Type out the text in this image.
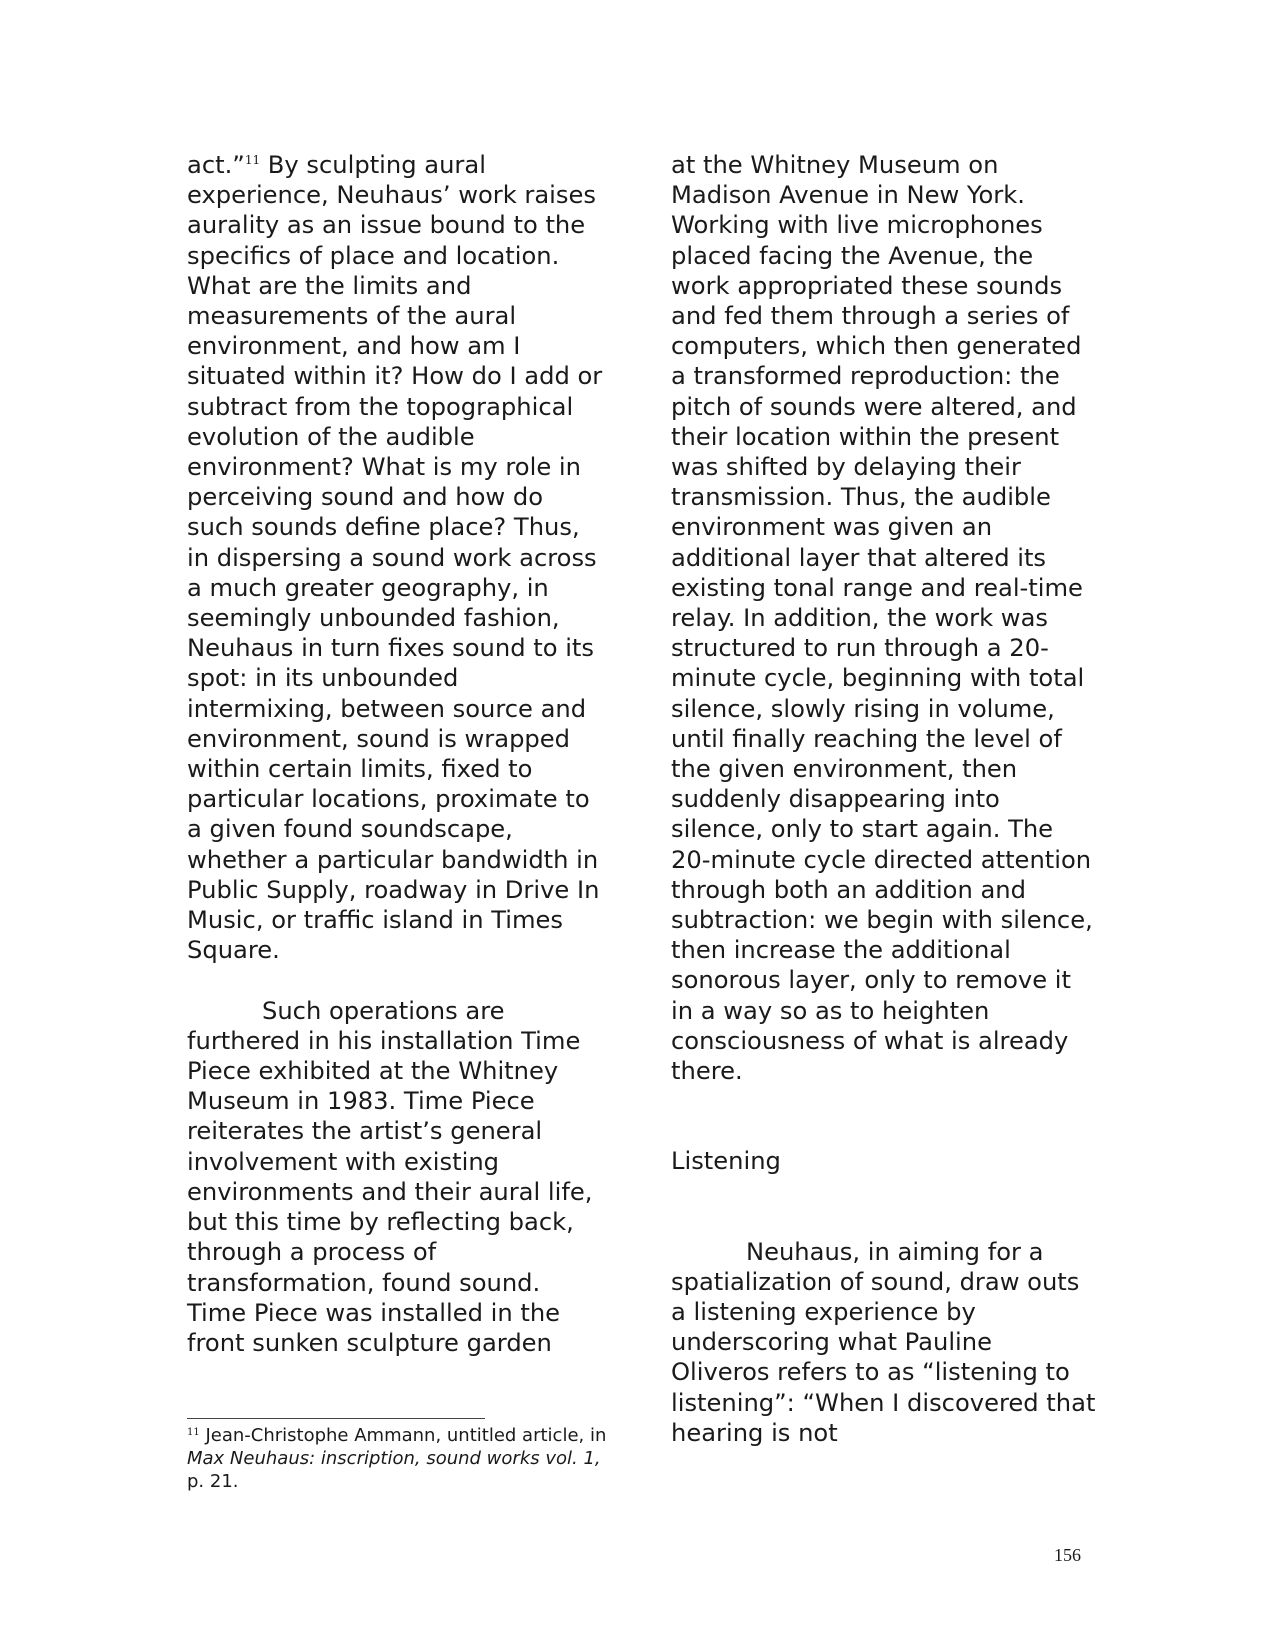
act.”$^{11}$ By sculpting aural experience, Neuhaus’ work raises aurality as an issue bound to the specifics of place and location. What are the limits and measurements of the aural environment, and how am I situated within it? How do I add or subtract from the topographical evolution of the audible environment? What is my role in perceiving sound and how do such sounds define place? Thus, in dispersing a sound work across a much greater geography, in seemingly unbounded fashion, Neuhaus in turn fixes sound to its spot: in its unbounded intermixing, between source and environment, sound is wrapped within certain limits, fixed to particular locations, proximate to a given found soundscape, whether a particular bandwidth in Public Supply, roadway in Drive In Music, or traffic island in Times Square.

Such operations are furthered in his installation Time Piece exhibited at the Whitney Museum in 1983. Time Piece reiterates the artist’s general involvement with existing environments and their aural life, but this time by reflecting back, through a process of transformation, found sound. Time Piece was installed in the front sunken sculpture garden

at the Whitney Museum on Madison Avenue in New York. Working with live microphones placed facing the Avenue, the work appropriated these sounds and fed them through a series of computers, which then generated a transformed reproduction: the pitch of sounds were altered, and their location within the present was shifted by delaying their transmission. Thus, the audible environment was given an additional layer that altered its existing tonal range and real-time relay. In addition, the work was structured to run through a 20-minute cycle, beginning with total silence, slowly rising in volume, until finally reaching the level of the given environment, then suddenly disappearing into silence, only to start again. The 20-minute cycle directed attention through both an addition and subtraction: we begin with silence, then increase the additional sonorous layer, only to remove it in a way so as to heighten consciousness of what is already there.

Listening

Neuhaus, in aiming for a spatialization of sound, draw outs a listening experience by underscoring what Pauline Oliveros refers to as “listening to listening”: “When I discovered that hearing is not

$^{11}$ Jean-Christophe Ammann, untitled article, in Max Neuhaus: inscription, sound works vol. 1, p. 21.
156
